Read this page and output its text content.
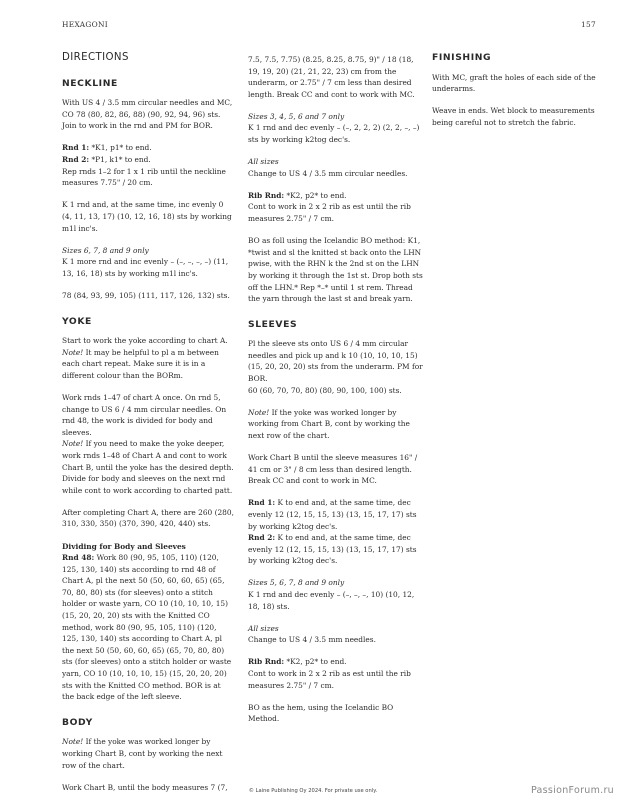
HEXAGONI	157
DIRECTIONS
NECKLINE

With US 4 / 3.5 mm circular needles and MC, CO 78 (80, 82, 86, 88) (90, 92, 94, 96) sts. Join to work in the rnd and PM for BOR.

Rnd 1: *K1, p1* to end.
Rnd 2: *P1, k1* to end.
Rep rnds 1–2 for 1 x 1 rib until the neckline measures 7.75" / 20 cm.

K 1 rnd and, at the same time, inc evenly 0 (4, 11, 13, 17) (10, 12, 16, 18) sts by working m1l inc's.

Sizes 6, 7, 8 and 9 only
K 1 more rnd and inc evenly – (–, –, –, –) (11, 13, 16, 18) sts by working m1l inc's.

78 (84, 93, 99, 105) (111, 117, 126, 132) sts.

YOKE

Start to work the yoke according to chart A.
Note! It may be helpful to pl a m between each chart repeat. Make sure it is in a different colour than the BORm.

Work rnds 1–47 of chart A once. On rnd 5, change to US 6 / 4 mm circular needles. On rnd 48, the work is divided for body and sleeves.
Note! If you need to make the yoke deeper, work rnds 1–48 of Chart A and cont to work Chart B, until the yoke has the desired depth. Divide for body and sleeves on the next rnd while cont to work according to charted patt.

After completing Chart A, there are 260 (280, 310, 330, 350) (370, 390, 420, 440) sts.

Dividing for Body and Sleeves
Rnd 48: Work 80 (90, 95, 105, 110) (120, 125, 130, 140) sts according to rnd 48 of Chart A, pl the next 50 (50, 60, 60, 65) (65, 70, 80, 80) sts (for sleeves) onto a stitch holder or waste yarn, CO 10 (10, 10, 10, 15) (15, 20, 20, 20) sts with the Knitted CO method, work 80 (90, 95, 105, 110) (120, 125, 130, 140) sts according to Chart A, pl the next 50 (50, 60, 60, 65) (65, 70, 80, 80) sts (for sleeves) onto a stitch holder or waste yarn, CO 10 (10, 10, 10, 15) (15, 20, 20, 20) sts with the Knitted CO method. BOR is at the back edge of the left sleeve.

BODY

Note! If the yoke was worked longer by working Chart B, cont by working the next row of the chart.

Work Chart B, until the body measures 7 (7,

7.5, 7.5, 7.75) (8.25, 8.25, 8.75, 9)" / 18 (18, 19, 19, 20) (21, 21, 22, 23) cm from the underarm, or 2.75" / 7 cm less than desired length. Break CC and cont to work with MC.

Sizes 3, 4, 5, 6 and 7 only
K 1 rnd and dec evenly – (–, 2, 2, 2) (2, 2, –, –) sts by working k2tog dec's.

All sizes
Change to US 4 / 3.5 mm circular needles.

Rib Rnd: *K2, p2* to end.
Cont to work in 2 x 2 rib as est until the rib measures 2.75" / 7 cm.

BO as foll using the Icelandic BO method: K1, *twist and sl the knitted st back onto the LHN pwise, with the RHN k the 2nd st on the LHN by working it through the 1st st. Drop both sts off the LHN.* Rep *–* until 1 st rem. Thread the yarn through the last st and break yarn.

SLEEVES

Pl the sleeve sts onto US 6 / 4 mm circular needles and pick up and k 10 (10, 10, 10, 15) (15, 20, 20, 20) sts from the underarm. PM for BOR.
60 (60, 70, 70, 80) (80, 90, 100, 100) sts.

Note! If the yoke was worked longer by working from Chart B, cont by working the next row of the chart.

Work Chart B until the sleeve measures 16" / 41 cm or 3" / 8 cm less than desired length. Break CC and cont to work in MC.

Rnd 1: K to end and, at the same time, dec evenly 12 (12, 15, 15, 13) (13, 15, 17, 17) sts by working k2tog dec's.
Rnd 2: K to end and, at the same time, dec evenly 12 (12, 15, 15, 13) (13, 15, 17, 17) sts by working k2tog dec's.

Sizes 5, 6, 7, 8 and 9 only
K 1 rnd and dec evenly – (–, –, –, 10) (10, 12, 18, 18) sts.

All sizes
Change to US 4 / 3.5 mm needles.

Rib Rnd: *K2, p2* to end.
Cont to work in 2 x 2 rib as est until the rib measures 2.75" / 7 cm.

BO as the hem, using the Icelandic BO Method.

FINISHING

With MC, graft the holes of each side of the underarms.

Weave in ends. Wet block to measurements being careful not to stretch the fabric.

© Laine Publishing Oy 2024. For private use only.	PassionForum.ru
